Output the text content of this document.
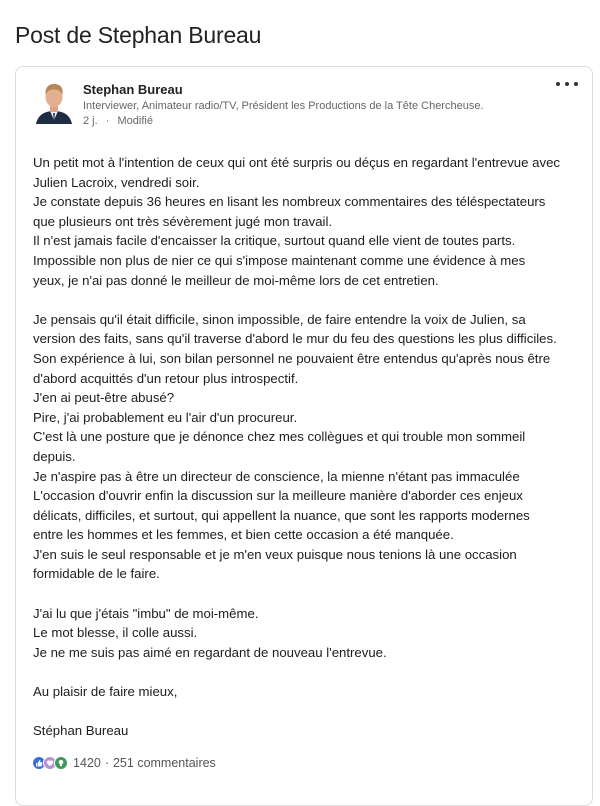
Post de Stephan Bureau
Stephan Bureau
Interviewer, Animateur radio/TV, Président les Productions de la Tête Chercheuse.
2 j. · Modifié
Un petit mot à l'intention de ceux qui ont été surpris ou déçus en regardant l'entrevue avec
Julien Lacroix, vendredi soir.
Je constate depuis 36 heures en lisant les nombreux commentaires des téléspectateurs
que plusieurs ont très sévèrement jugé mon travail.
Il n'est jamais facile d'encaisser la critique, surtout quand elle vient de toutes parts.
Impossible non plus de nier ce qui s'impose maintenant comme une évidence à mes
yeux, je n'ai pas donné le meilleur de moi-même lors de cet entretien.
Je pensais qu'il était difficile, sinon impossible, de faire entendre la voix de Julien, sa
version des faits, sans qu'il traverse d'abord le mur du feu des questions les plus difficiles.
Son expérience à lui, son bilan personnel ne pouvaient être entendus qu'après nous être
d'abord acquittés d'un retour plus introspectif.
J'en ai peut-être abusé?
Pire, j'ai probablement eu l'air d'un procureur.
C'est là une posture que je dénonce chez mes collègues et qui trouble mon sommeil
depuis.
Je n'aspire pas à être un directeur de conscience, la mienne n'étant pas immaculée
L'occasion d'ouvrir enfin la discussion sur la meilleure manière d'aborder ces enjeux
délicats, difficiles, et surtout, qui appellent la nuance, que sont les rapports modernes
entre les hommes et les femmes, et bien cette occasion a été manquée.
J'en suis le seul responsable et je m'en veux puisque nous tenions là une occasion
formidable de le faire.
J'ai lu que j'étais "imbu" de moi-même.
Le mot blesse, il colle aussi.
Je ne me suis pas aimé en regardant de nouveau l'entrevue.
Au plaisir de faire mieux,
Stéphan Bureau
1420 · 251 commentaires
